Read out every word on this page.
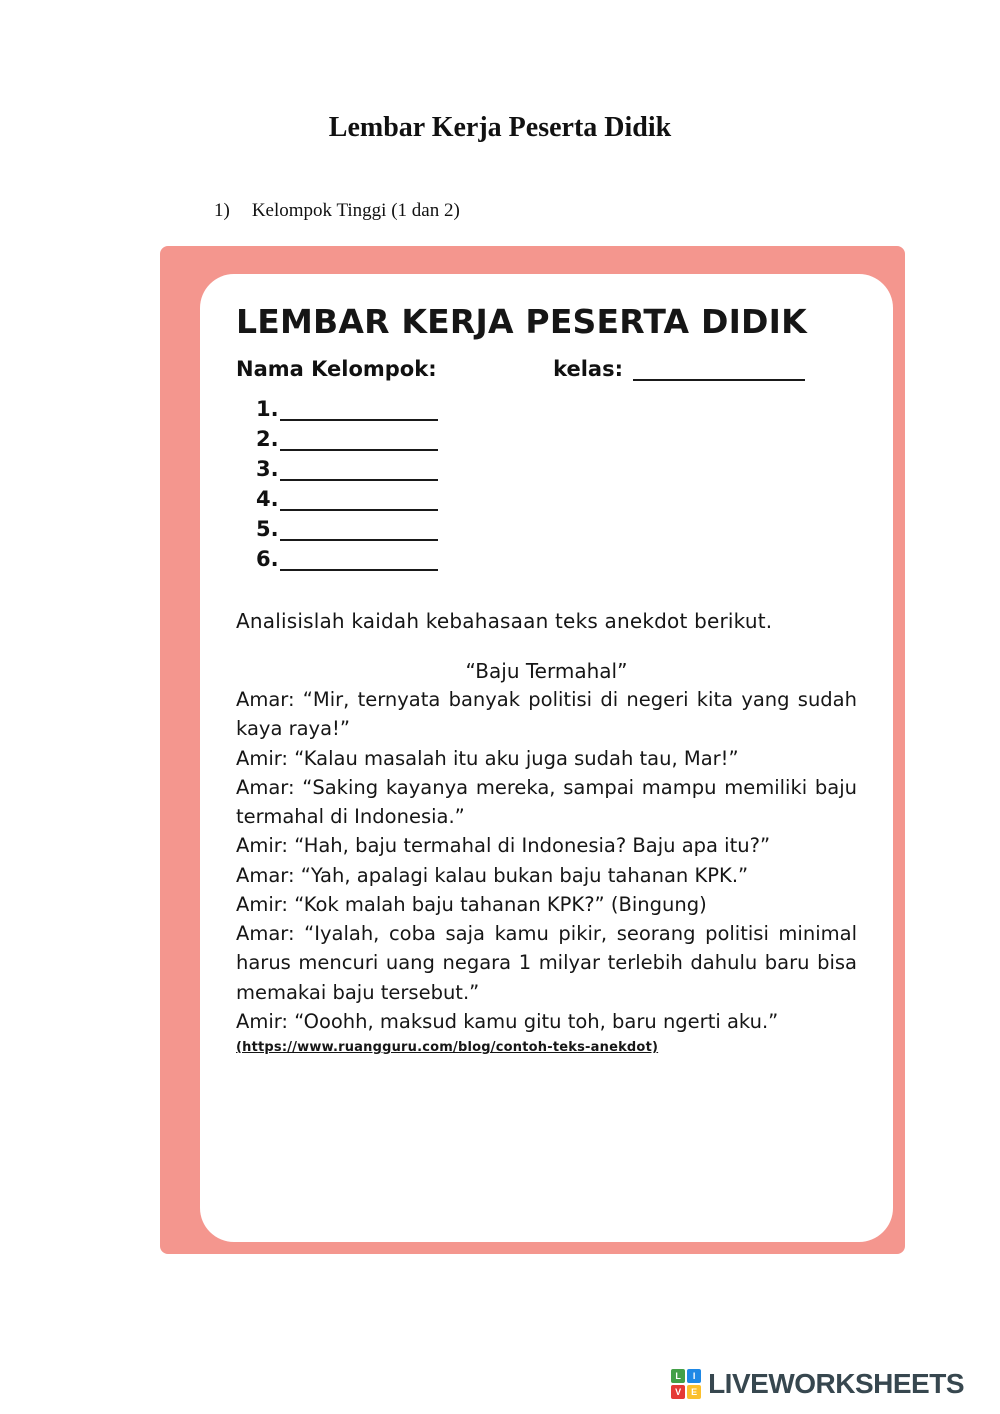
Lembar Kerja Peserta Didik
1) Kelompok Tinggi (1 dan 2)
LEMBAR KERJA PESERTA DIDIK
Nama Kelompok:	kelas:
1.
2.
3.
4.
5.
6.

Analisislah kaidah kebahasaan teks anekdot berikut.

“Baju Termahal”

Amar: “Mir, ternyata banyak politisi di negeri kita yang sudah kaya raya!”

Amir: “Kalau masalah itu aku juga sudah tau, Mar!”

Amar: “Saking kayanya mereka, sampai mampu memiliki baju termahal di Indonesia.”

Amir: “Hah, baju termahal di Indonesia? Baju apa itu?”

Amar: “Yah, apalagi kalau bukan baju tahanan KPK.”

Amir: “Kok malah baju tahanan KPK?” (Bingung)

Amar: “Iyalah, coba saja kamu pikir, seorang politisi minimal harus mencuri uang negara 1 milyar terlebih dahulu baru bisa memakai baju tersebut.”

Amir: “Ooohh, maksud kamu gitu toh, baru ngerti aku.”

(https://www.ruangguru.com/blog/contoh-teks-anekdot)
L	I
V	E LIVEWORKSHEETS
